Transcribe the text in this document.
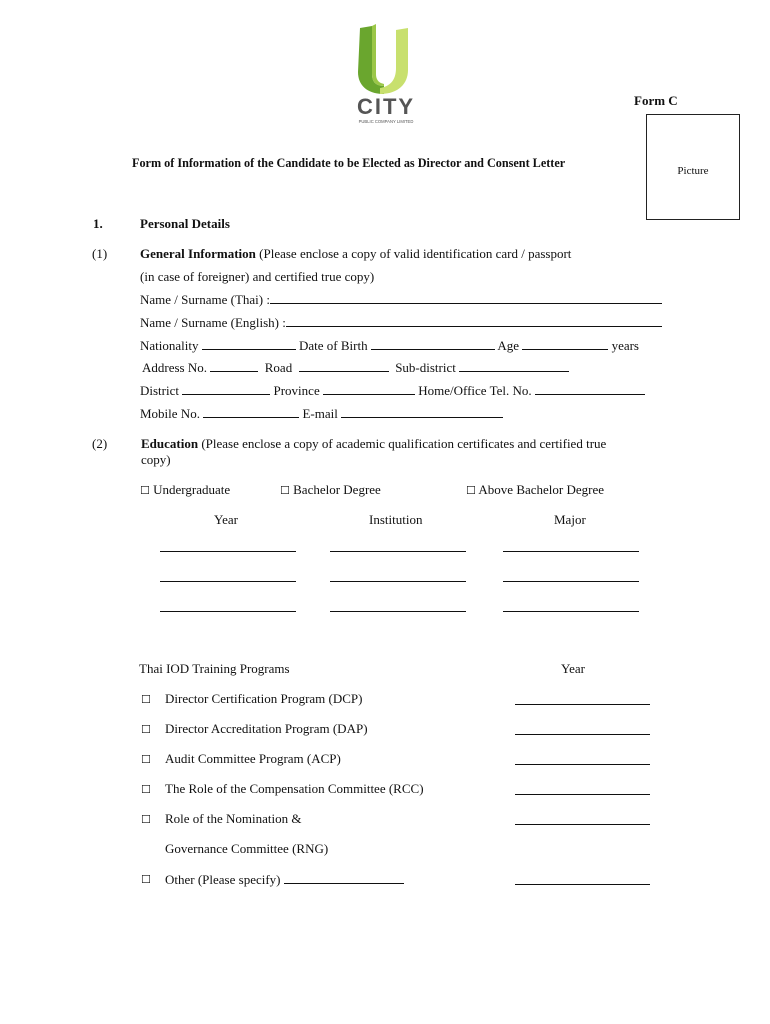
CITY
PUBLIC COMPANY LIMITED
Form C
Picture
Form of Information of the Candidate to be Elected as Director and Consent Letter
1.	Personal Details
(1)	General Information (Please enclose a copy of valid identification card / passport
(in case of foreigner) and certified true copy)
Name / Surname (Thai) :
Name / Surname (English) :
Nationality	Date of Birth	Age	years
Address No.	Road	Sub-district
District	Province	Home/Office Tel. No.
Mobile No.	E-mail
(2)	Education (Please enclose a copy of academic qualification certificates and certified true
copy)
☐ Undergraduate	☐ Bachelor Degree	☐ Above Bachelor Degree
Year	Institution	Major
Thai IOD Training Programs	Year
☐ Director Certification Program (DCP)
☐ Director Accreditation Program (DAP)
☐ Audit Committee Program (ACP)
☐ The Role of the Compensation Committee (RCC)
☐ Role of the Nomination &
Governance Committee (RNG)
☐ Other (Please specify)
